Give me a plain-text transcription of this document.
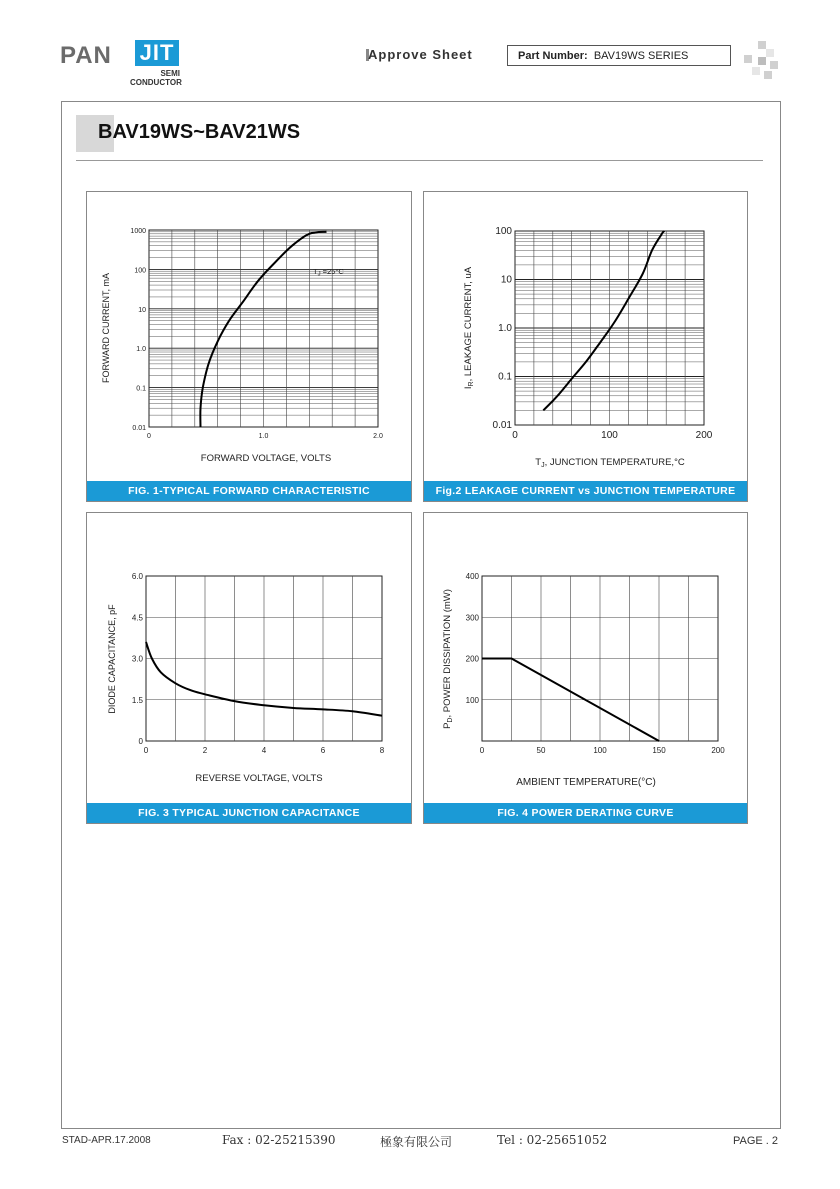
PAN JIT
SEMI
CONDUCTOR
Approve Sheet	Part Number: BAV19WS SERIES
BAV19WS~BAV21WS
0.01
0.1
1.0
10
100
1000
0	1.0	2.0
$T_J =25^\circ C$
FORWARD CURRENT, mA
FORWARD VOLTAGE, VOLTS
FIG. 1-TYPICAL FORWARD CHARACTERISTIC
0.01
0.1
1.0
10
100
0	100	200
$I_R$, LEAKAGE CURRENT, uA
$T_J$, JUNCTION TEMPERATURE,°C
Fig.2 LEAKAGE CURRENT vs JUNCTION TEMPERATURE
0
1.5
3.0
4.5
6.0
0	2	4	6	8
DIODE CAPACITANCE, pF
REVERSE VOLTAGE, VOLTS
FIG. 3 TYPICAL JUNCTION CAPACITANCE
100
200
300
400
0	50	100	150	200
$P_D$, POWER DISSIPATION (mW)
AMBIENT TEMPERATURE(°C)
FIG. 4 POWER DERATING CURVE
STAD-APR.17.2008	Fax : 02-25215390	極象有限公司	Tel : 02-25651052	PAGE . 2
